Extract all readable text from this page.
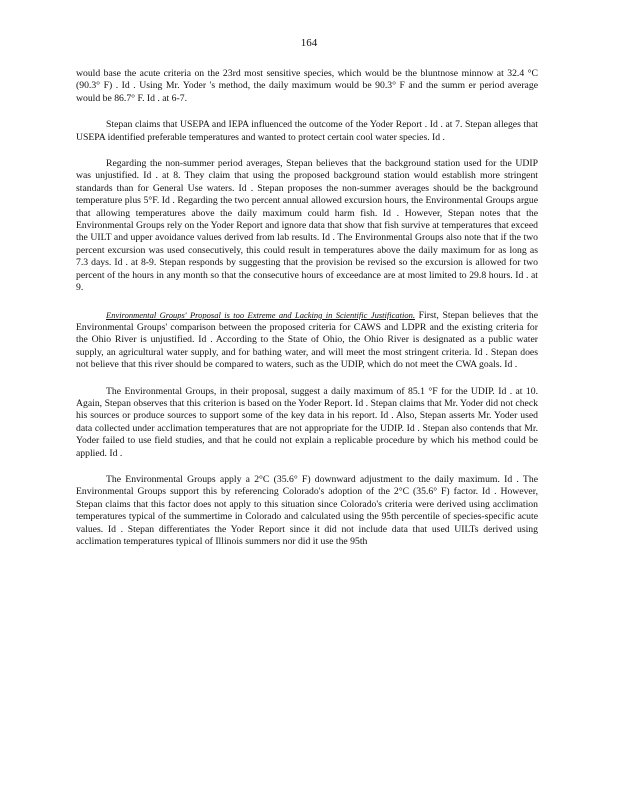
164

would base the acute criteria on the 23rd most sensitive species, which would be the bluntnose minnow at 32.4 °C (90.3° F) . Id . Using Mr. Yoder 's method, the daily maximum would be 90.3° F and the summ er period average would be 86.7° F. Id . at 6-7.

Stepan claims that USEPA and IEPA influenced the outcome of the Yoder Report . Id . at 7. Stepan alleges that USEPA identified preferable temperatures and wanted to protect certain cool water species. Id .

Regarding the non-summer period averages, Stepan believes that the background station used for the UDIP was unjustified. Id . at 8. They claim that using the proposed background station would establish more stringent standards than for General Use waters. Id . Stepan proposes the non-summer averages should be the background temperature plus 5°F. Id . Regarding the two percent annual allowed excursion hours, the Environmental Groups argue that allowing temperatures above the daily maximum could harm fish. Id . However, Stepan notes that the Environmental Groups rely on the Yoder Report and ignore data that show that fish survive at temperatures that exceed the UILT and upper avoidance values derived from lab results. Id . The Environmental Groups also note that if the two percent excursion was used consecutively, this could result in temperatures above the daily maximum for as long as 7.3 days. Id . at 8-9. Stepan responds by suggesting that the provision be revised so the excursion is allowed for two percent of the hours in any month so that the consecutive hours of exceedance are at most limited to 29.8 hours. Id . at 9.

Environmental Groups' Proposal is too Extreme and Lacking in Scientific Justification. First, Stepan believes that the Environmental Groups' comparison between the proposed criteria for CAWS and LDPR and the existing criteria for the Ohio River is unjustified. Id . According to the State of Ohio, the Ohio River is designated as a public water supply, an agricultural water supply, and for bathing water, and will meet the most stringent criteria. Id . Stepan does not believe that this river should be compared to waters, such as the UDIP, which do not meet the CWA goals. Id .

The Environmental Groups, in their proposal, suggest a daily maximum of 85.1 °F for the UDIP. Id . at 10. Again, Stepan observes that this criterion is based on the Yoder Report. Id . Stepan claims that Mr. Yoder did not check his sources or produce sources to support some of the key data in his report. Id . Also, Stepan asserts Mr. Yoder used data collected under acclimation temperatures that are not appropriate for the UDIP. Id . Stepan also contends that Mr. Yoder failed to use field studies, and that he could not explain a replicable procedure by which his method could be applied. Id .

The Environmental Groups apply a 2°C (35.6° F) downward adjustment to the daily maximum. Id . The Environmental Groups support this by referencing Colorado's adoption of the 2°C (35.6° F) factor. Id . However, Stepan claims that this factor does not apply to this situation since Colorado's criteria were derived using acclimation temperatures typical of the summertime in Colorado and calculated using the 95th percentile of species-specific acute values. Id . Stepan differentiates the Yoder Report since it did not include data that used UILTs derived using acclimation temperatures typical of Illinois summers nor did it use the 95th
